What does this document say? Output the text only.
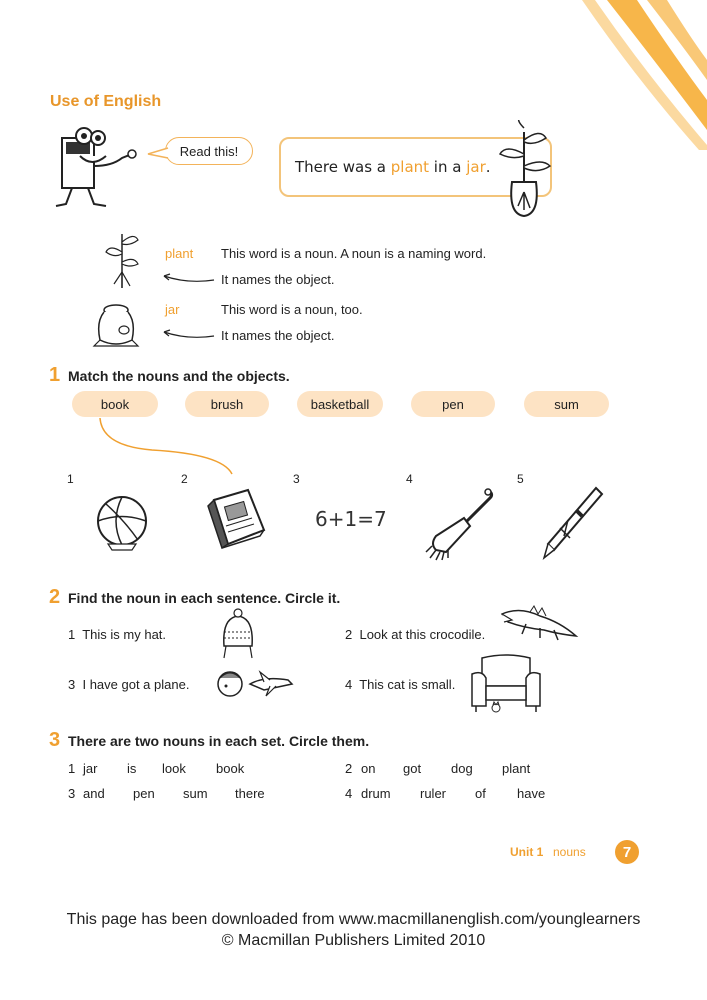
Use of English
Read this!
There was a plant in a jar .
plant This word is a noun. A noun is a naming word.
It names the object.
jar	This word is a noun, too.
It names the object.
1 Match the nouns and the objects.
book	brush	basketball	pen	sum
1	2	3	4	5
6+1=7
2 Find the noun in each sentence. Circle it.
1 This is my hat.	2 Look at this crocodile.
3 I have got a plane.	4 This cat is small.
3 There are two nouns in each set. Circle them.
1 jar is look book	2 on got dog plant
3 and pen sum there	4 drum ruler of have
Unit 1 nouns 7
This page has been downloaded from www.macmillanenglish.com/younglearners
© Macmillan Publishers Limited 2010
